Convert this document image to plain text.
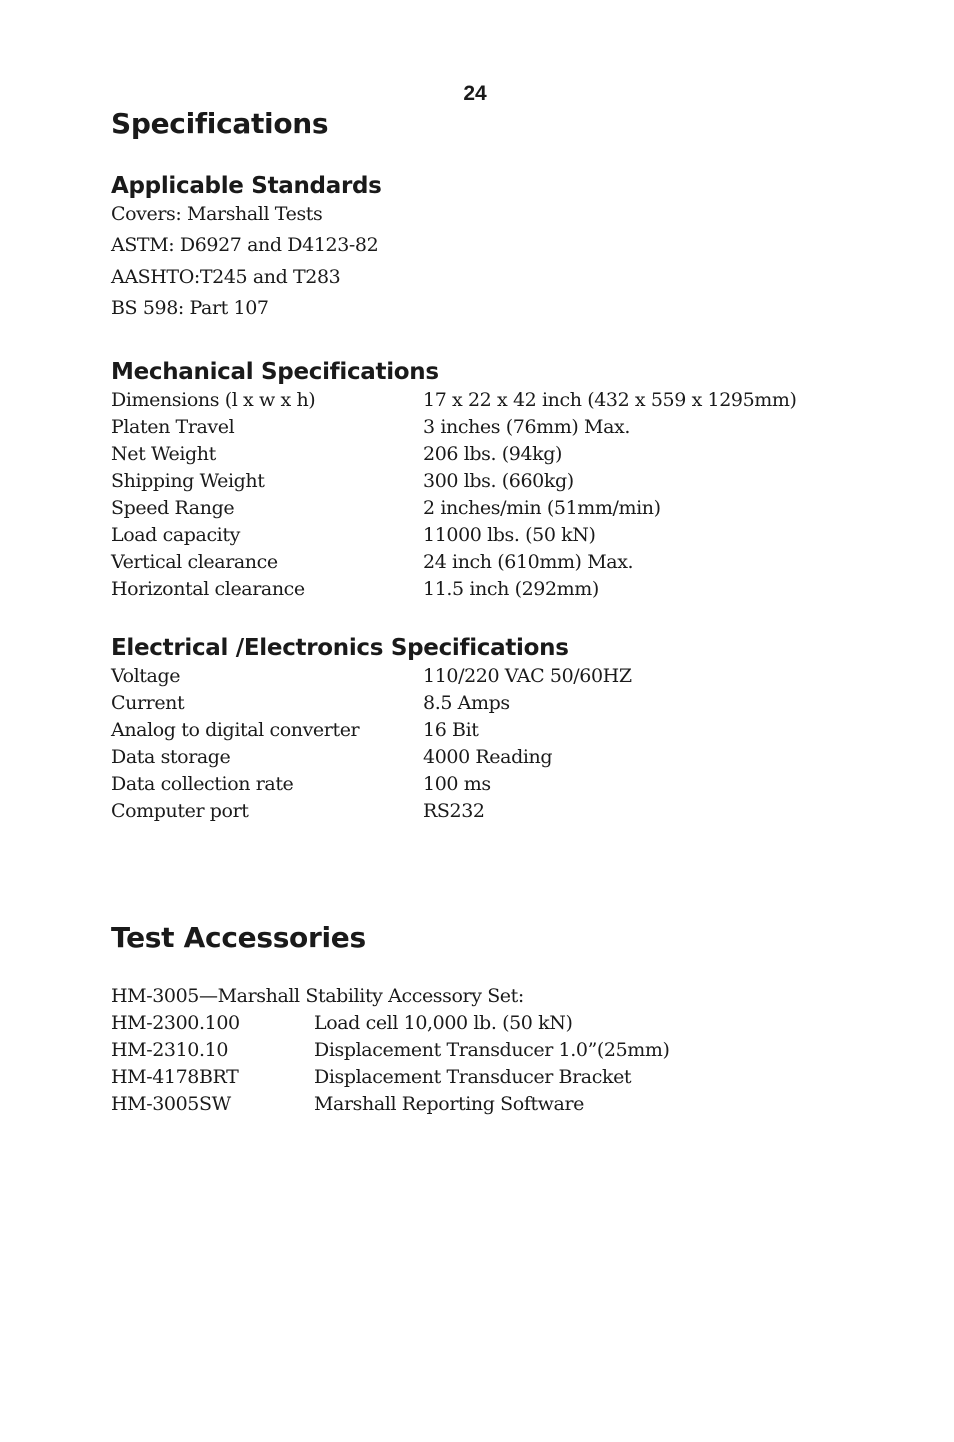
24
Specifications
Applicable Standards
Covers: Marshall Tests
ASTM: D6927 and D4123-82
AASHTO:T245 and T283
BS 598: Part 107
Mechanical Specifications
Dimensions (l x w x h)	17 x 22 x 42 inch (432 x 559 x 1295mm)
Platen Travel	3 inches (76mm) Max.
Net Weight	206 lbs. (94kg)
Shipping Weight	300 lbs. (660kg)
Speed Range	2 inches/min (51mm/min)
Load capacity	11000 lbs. (50 kN)
Vertical clearance	24 inch (610mm) Max.
Horizontal clearance	11.5 inch (292mm)
Electrical /Electronics Specifications
Voltage	110/220 VAC 50/60HZ
Current	8.5 Amps
Analog to digital converter	16 Bit
Data storage	4000 Reading
Data collection rate	100 ms
Computer port	RS232
Test Accessories
HM-3005—Marshall Stability Accessory Set:
HM-2300.100	Load cell 10,000 lb. (50 kN)
HM-2310.10	Displacement Transducer 1.0”(25mm)
HM-4178BRT	Displacement Transducer Bracket
HM-3005SW	Marshall Reporting Software
